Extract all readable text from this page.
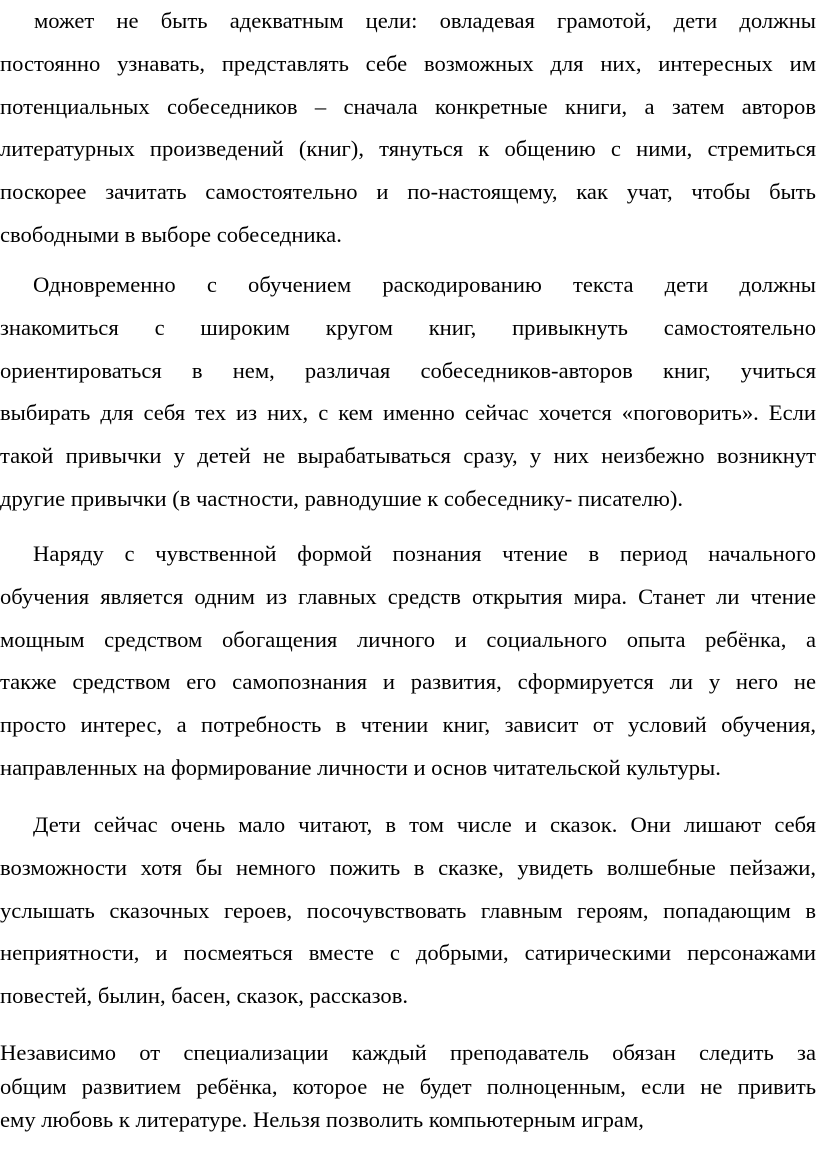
может не быть адекватным цели: овладевая грамотой, дети должны
постоянно узнавать, представлять себе возможных для них, интересных им
потенциальных собеседников – сначала конкретные книги, а затем авторов
литературных произведений (книг), тянуться к общению с ними, стремиться
поскорее зачитать самостоятельно и по-настоящему, как учат, чтобы быть
свободными в выборе собеседника.
Одновременно с обучением раскодированию текста дети должны
знакомиться с широким кругом книг, привыкнуть самостоятельно
ориентироваться в нем, различая собеседников-авторов книг, учиться
выбирать для себя тех из них, с кем именно сейчас хочется «поговорить». Если
такой привычки у детей не вырабатываться сразу, у них неизбежно возникнут
другие привычки (в частности, равнодушие к собеседнику- писателю).
Наряду с чувственной формой познания чтение в период начального
обучения является одним из главных средств открытия мира. Станет ли чтение
мощным средством обогащения личного и социального опыта ребёнка, а
также средством его самопознания и развития, сформируется ли у него не
просто интерес, а потребность в чтении книг, зависит от условий обучения,
направленных на формирование личности и основ читательской культуры.
Дети сейчас очень мало читают, в том числе и сказок. Они лишают себя
возможности хотя бы немного пожить в сказке, увидеть волшебные пейзажи,
услышать сказочных героев, посочувствовать главным героям, попадающим в
неприятности, и посмеяться вместе с добрыми, сатирическими персонажами
повестей, былин, басен, сказок, рассказов.
Независимо от специализации каждый преподаватель обязан следить за
общим развитием ребёнка, которое не будет полноценным, если не привить
ему любовь к литературе. Нельзя позволить компьютерным играм,
